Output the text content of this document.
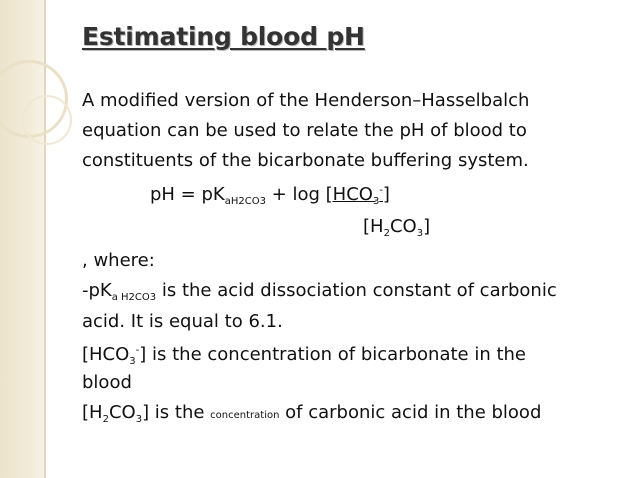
Estimating blood pH

A modified version of the Henderson–Hasselbalch

equation can be used to relate the pH of blood to

constituents of the bicarbonate buffering system.

pH = $pK_{aH2CO3} + \log [HCO_3^-]$

$[H_2CO_3]$

, where:

$-pK_{a H2CO3}$ is the acid dissociation constant of carbonic

acid. It is equal to 6.1.

$[HCO_3^-]$ is the concentration of bicarbonate in the

blood

$[H_2CO_3]$ is the concentration of carbonic acid in the blood
